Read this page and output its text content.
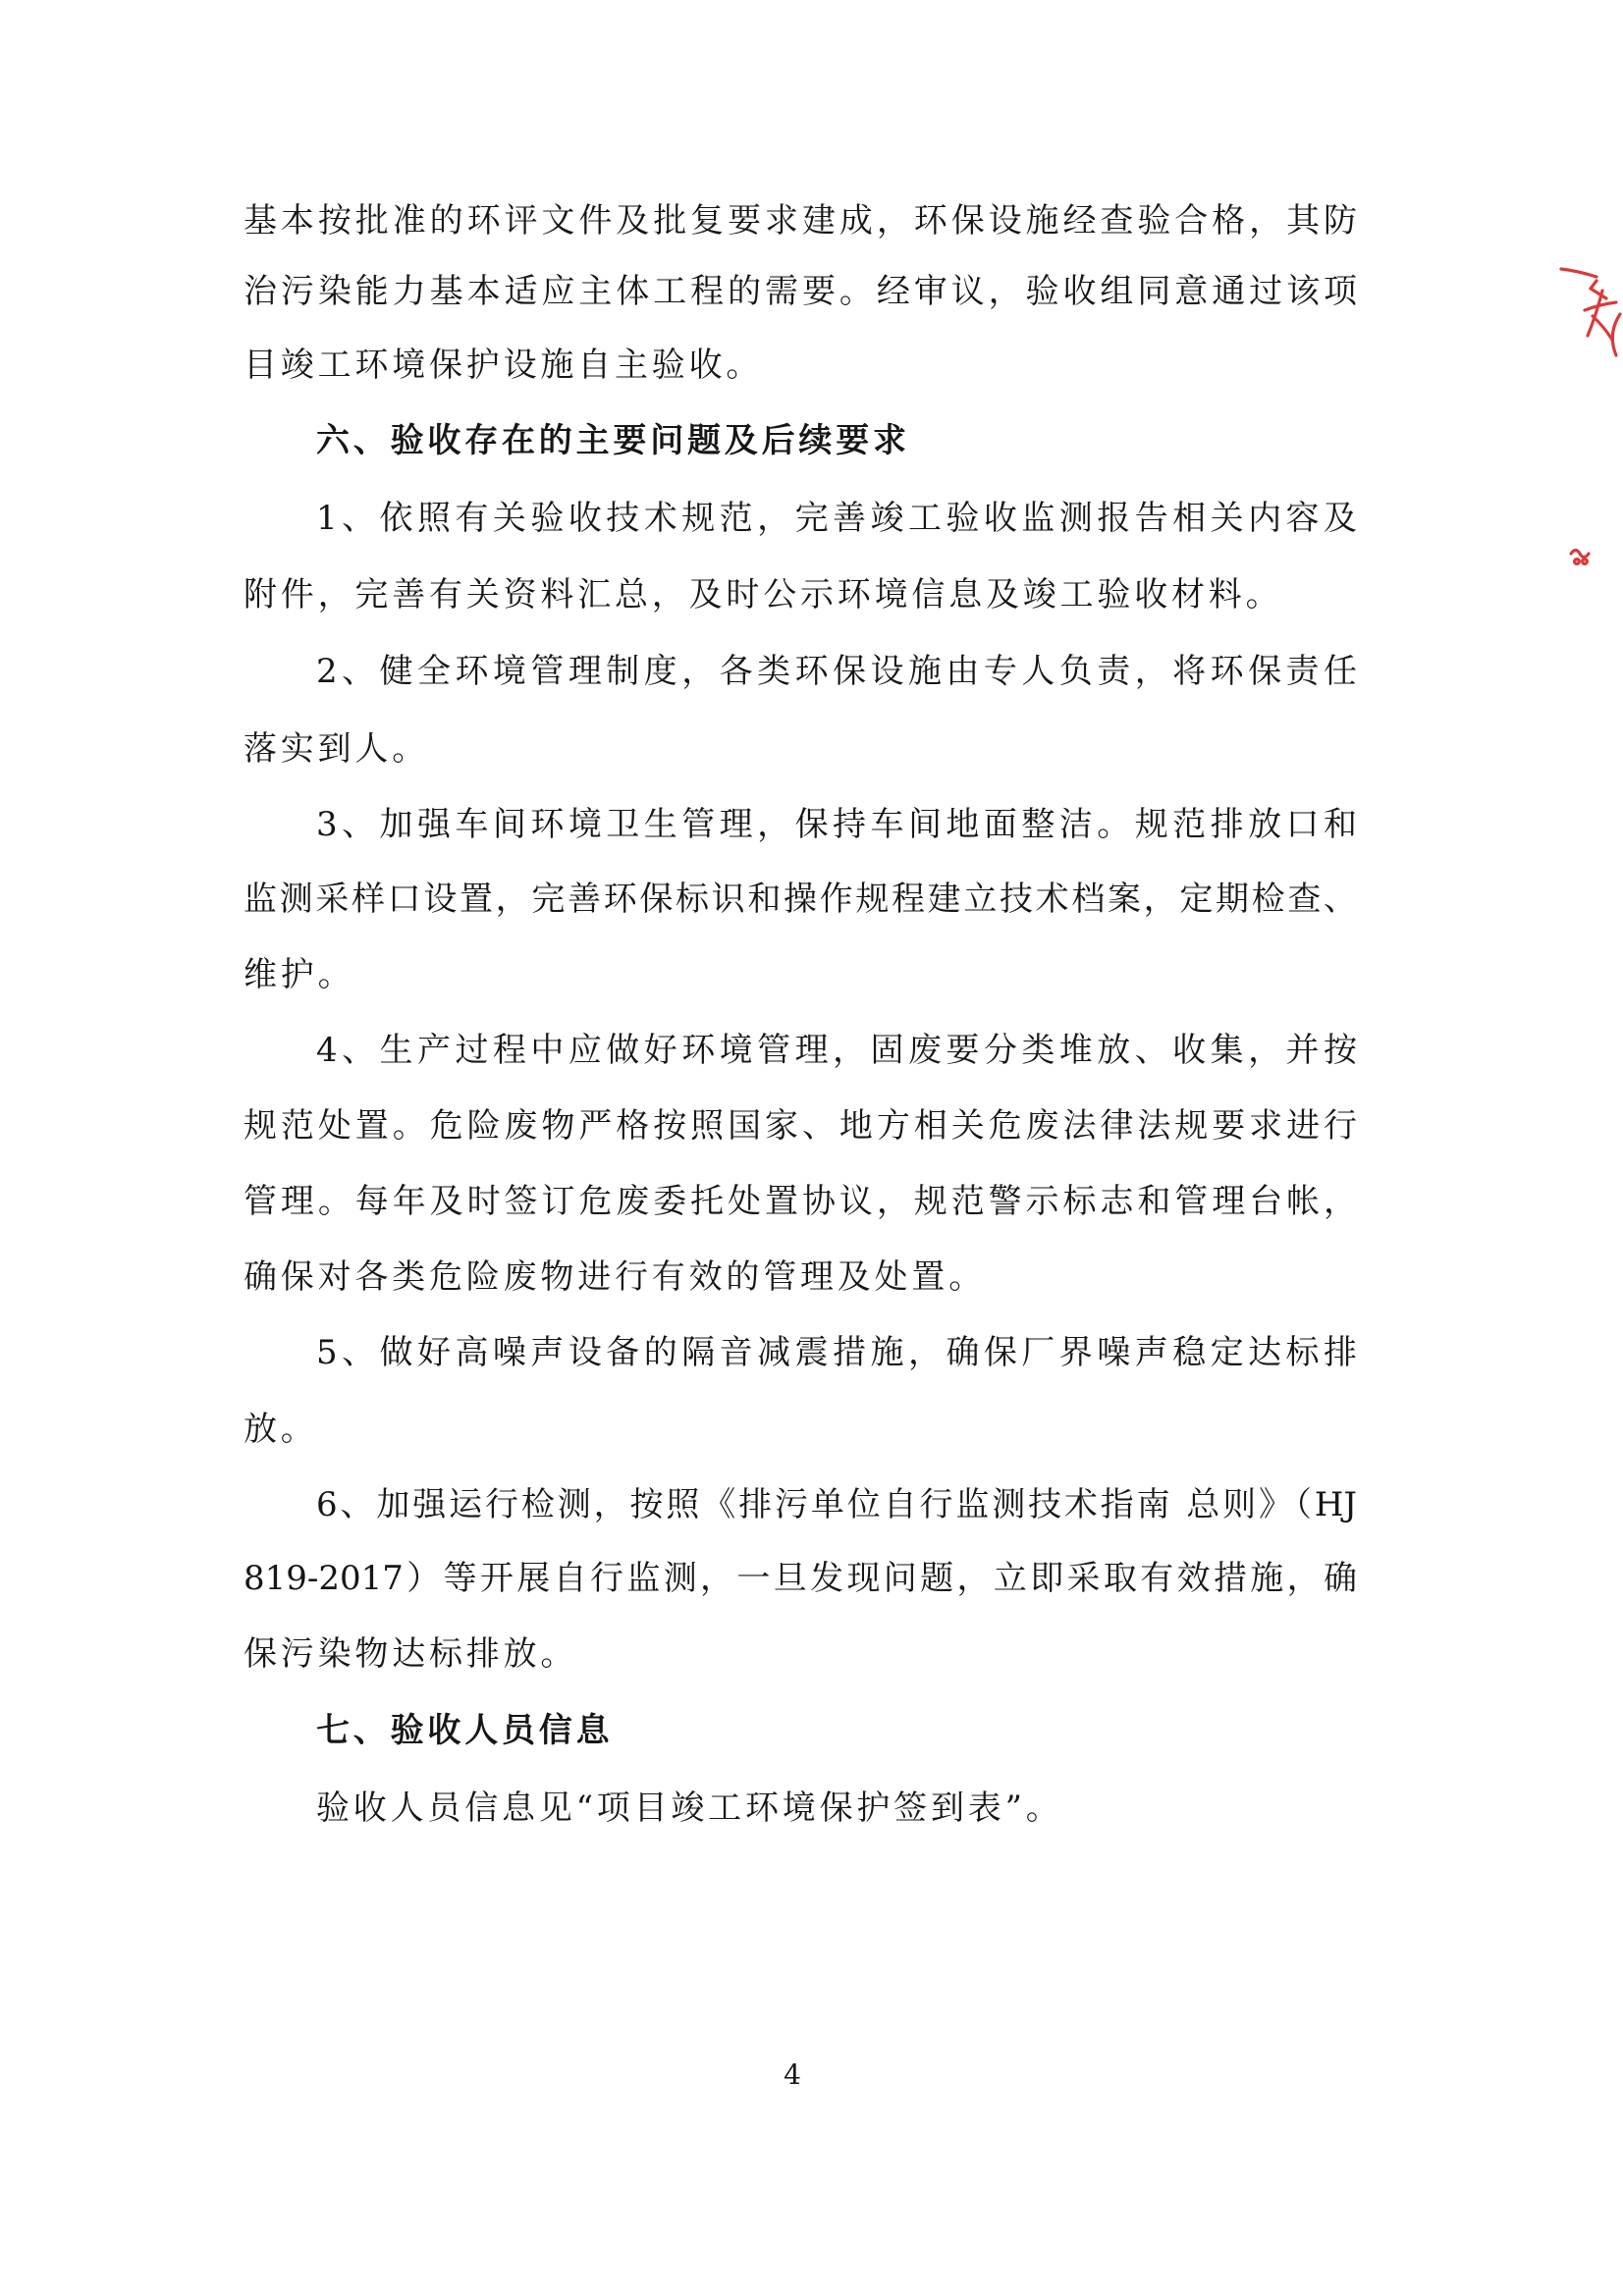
基本按批准的环评文件及批复要求建成，环保设施经查验合格，其防
治污染能力基本适应主体工程的需要。经审议，验收组同意通过该项
目竣工环境保护设施自主验收。
六、验收存在的主要问题及后续要求
1、依照有关验收技术规范，完善竣工验收监测报告相关内容及
附件，完善有关资料汇总，及时公示环境信息及竣工验收材料。
2、健全环境管理制度，各类环保设施由专人负责，将环保责任
落实到人。
3、加强车间环境卫生管理，保持车间地面整洁。规范排放口和
监测采样口设置，完善环保标识和操作规程建立技术档案，定期检查、
维护。
4、生产过程中应做好环境管理，固废要分类堆放、收集，并按
规范处置。危险废物严格按照国家、地方相关危废法律法规要求进行
管理。每年及时签订危废委托处置协议，规范警示标志和管理台帐，
确保对各类危险废物进行有效的管理及处置。
5、做好高噪声设备的隔音减震措施，确保厂界噪声稳定达标排
放。
6、加强运行检测，按照《排污单位自行监测技术指南 总则》（HJ
819-2017）等开展自行监测，一旦发现问题，立即采取有效措施，确
保污染物达标排放。
七、验收人员信息
验收人员信息见“项目竣工环境保护签到表”。
4
